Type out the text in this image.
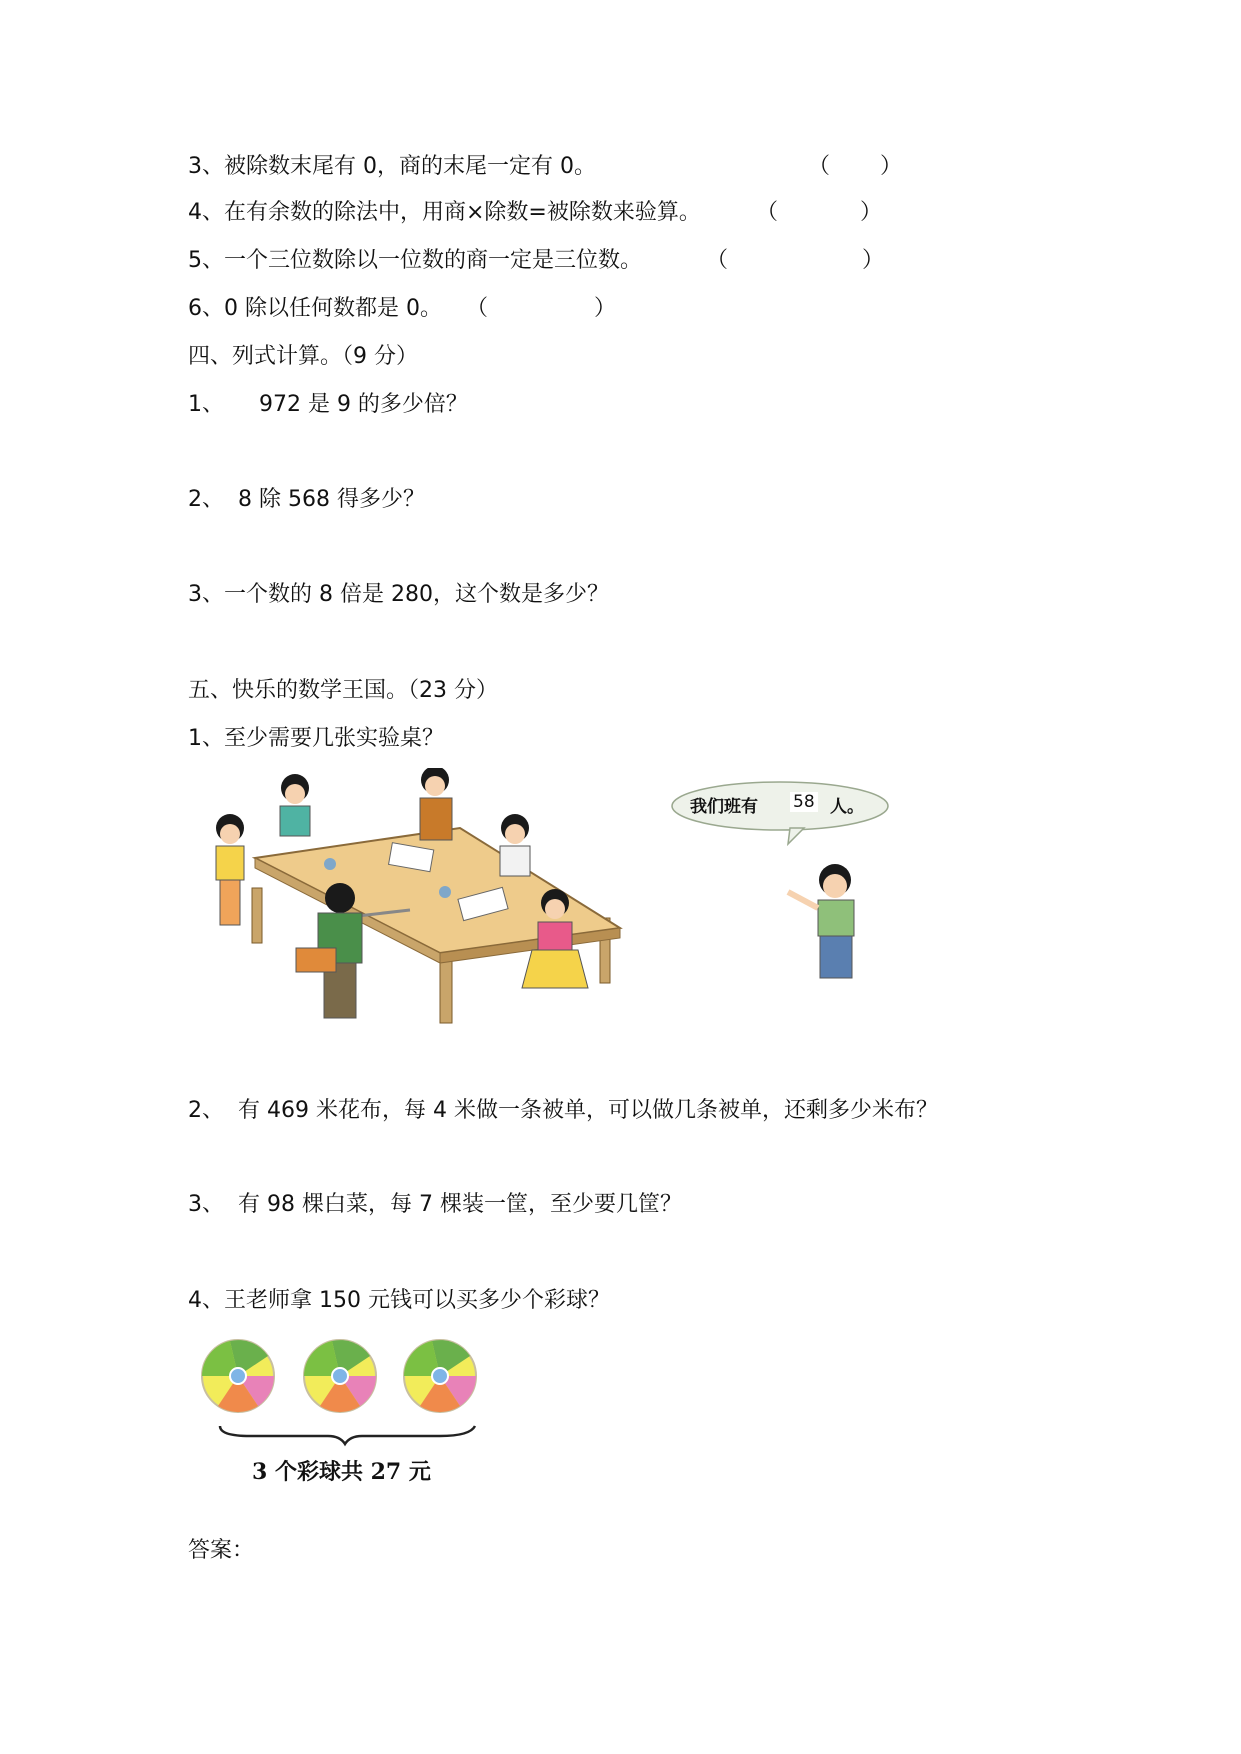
3、被除数末尾有 0，商的末尾一定有 0。	（ ）
4、在有余数的除法中，用商×除数=被除数来验算。	（	）
5、一个三位数除以一位数的商一定是三位数。	（	）
6、0 除以任何数都是 0。 （	）
四、列式计算。（9 分）
1、     972 是 9 的多少倍？
2、  8 除 568 得多少？
3、一个数的 8 倍是 280，这个数是多少？
五、快乐的数学王国。（23 分）
1、至少需要几张实验桌？
我们班有 58 人。
2、  有 469 米花布，每 4 米做一条被单，可以做几条被单，还剩多少米布？
3、  有 98 棵白菜，每 7 棵装一筐，至少要几筐？
4、王老师拿 150 元钱可以买多少个彩球？
3 个彩球共 27 元
答案：
